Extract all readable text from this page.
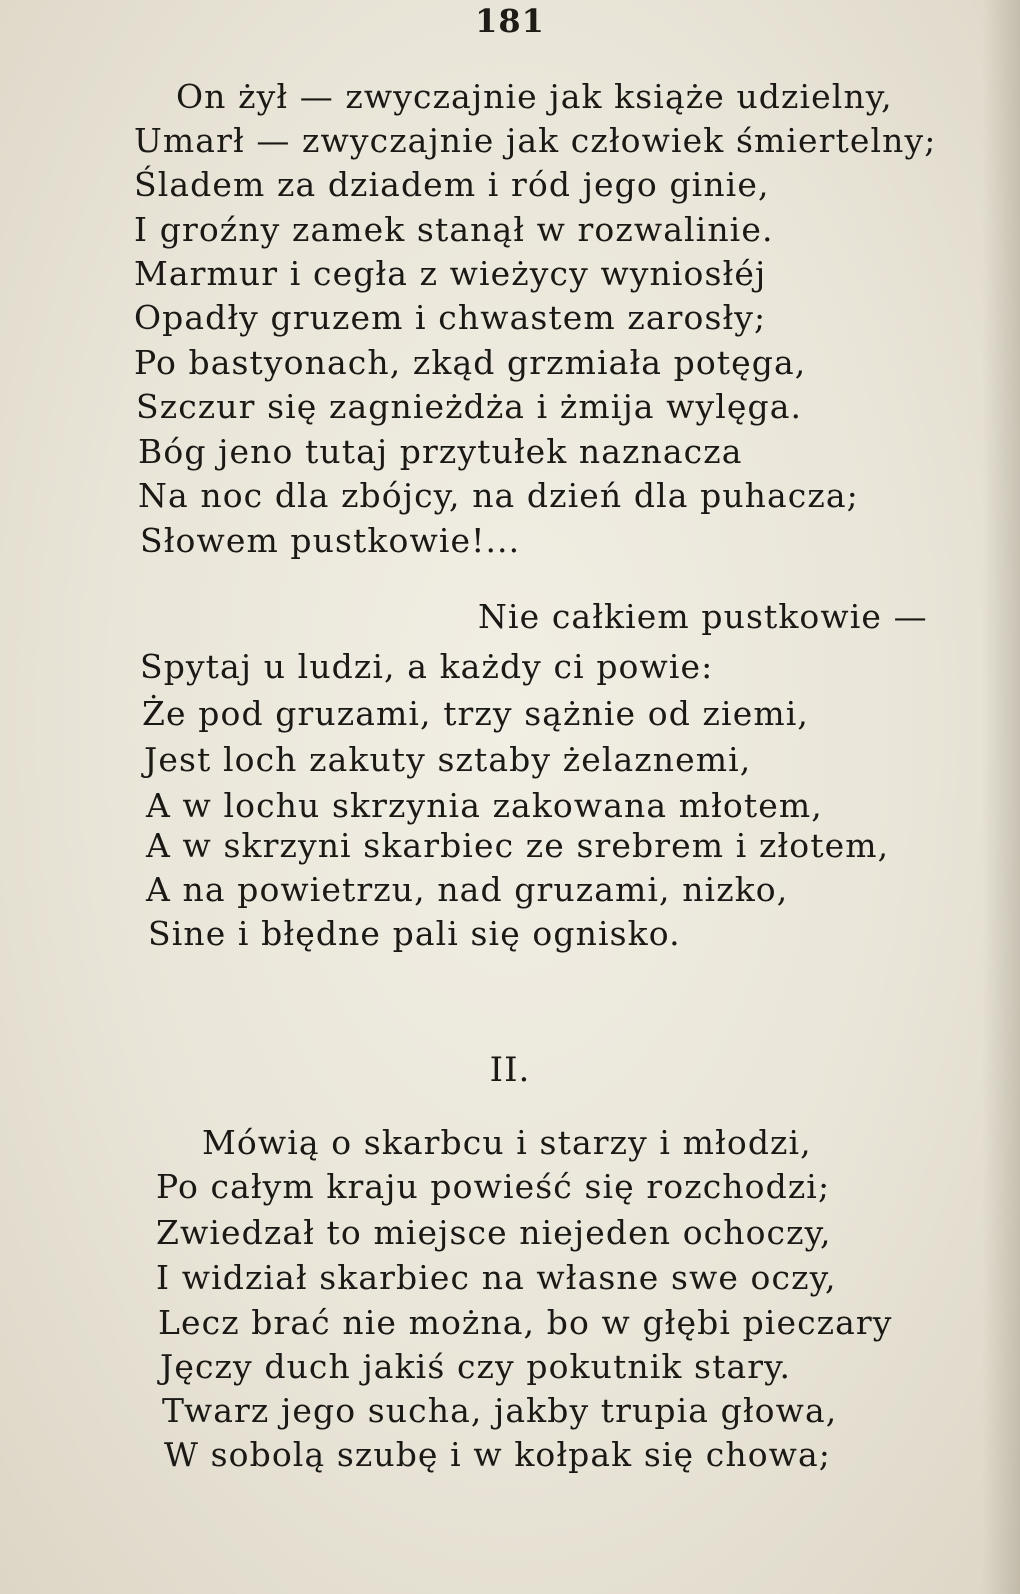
181
On żył — zwyczajnie jak książe udzielny,
Umarł — zwyczajnie jak człowiek śmiertelny;
Śladem za dziadem i ród jego ginie,
I groźny zamek stanął w rozwalinie.
Marmur i cegła z wieżycy wyniosłéj
Opadły gruzem i chwastem zarosły;
Po bastyonach, zkąd grzmiała potęga,
Szczur się zagnieżdża i żmija wylęga.
Bóg jeno tutaj przytułek naznacza
Na noc dla zbójcy, na dzień dla puhacza;
Słowem pustkowie!...
Nie całkiem pustkowie —
Spytaj u ludzi, a każdy ci powie:
Że pod gruzami, trzy sążnie od ziemi,
Jest loch zakuty sztaby żelaznemi,
A w lochu skrzynia zakowana młotem,
A w skrzyni skarbiec ze srebrem i złotem,
A na powietrzu, nad gruzami, nizko,
Sine i błędne pali się ognisko.
II.
Mówią o skarbcu i starzy i młodzi,
Po całym kraju powieść się rozchodzi;
Zwiedzał to miejsce niejeden ochoczy,
I widział skarbiec na własne swe oczy,
Lecz brać nie można, bo w głębi pieczary
Jęczy duch jakiś czy pokutnik stary.
Twarz jego sucha, jakby trupia głowa,
W sobolą szubę i w kołpak się chowa;
